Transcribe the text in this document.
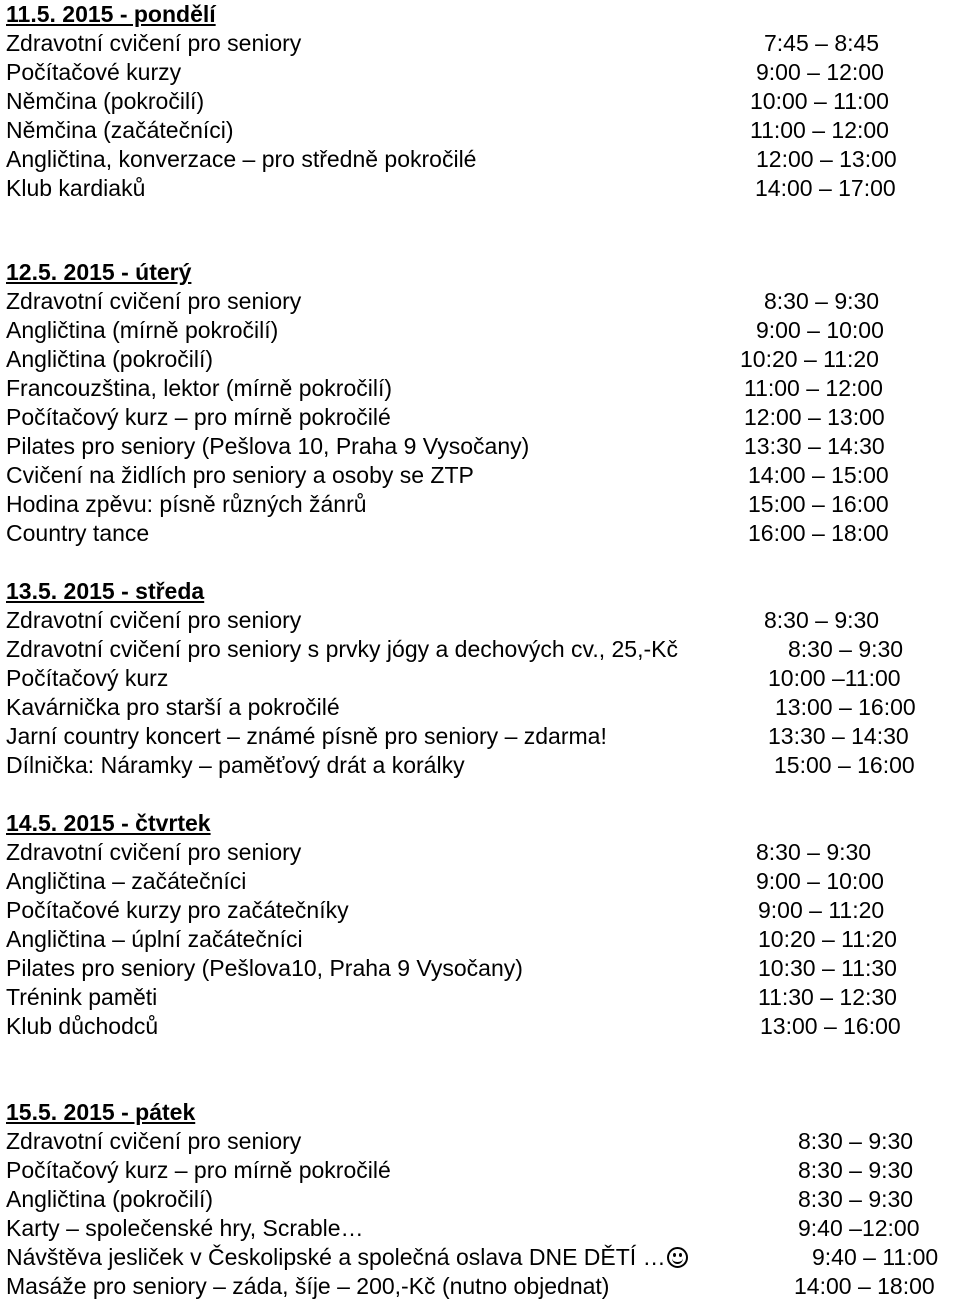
11.5. 2015 - pondělí
Zdravotní cvičení pro seniory	7:45 – 8:45
Počítačové kurzy	9:00 – 12:00
Němčina (pokročilí)	10:00 – 11:00
Němčina (začátečníci)	11:00 – 12:00
Angličtina, konverzace – pro středně pokročilé	12:00 – 13:00
Klub kardiaků	14:00 – 17:00
12.5. 2015 - úterý
Zdravotní cvičení pro seniory	8:30 – 9:30
Angličtina (mírně pokročilí)	9:00 – 10:00
Angličtina (pokročilí)	10:20 – 11:20
Francouzština, lektor (mírně pokročilí)	11:00 – 12:00
Počítačový kurz – pro mírně pokročilé	12:00 – 13:00
Pilates pro seniory (Pešlova 10, Praha 9 Vysočany)	13:30 – 14:30
Cvičení na židlích pro seniory a osoby se ZTP	14:00 – 15:00
Hodina zpěvu: písně různých žánrů	15:00 – 16:00
Country tance	16:00 – 18:00
13.5. 2015 - středa
Zdravotní cvičení pro seniory	8:30 – 9:30
Zdravotní cvičení pro seniory s prvky jógy a dechových cv., 25,-Kč	8:30 – 9:30
Počítačový kurz	10:00 –11:00
Kavárnička pro starší a pokročilé	13:00 – 16:00
Jarní country koncert – známé písně pro seniory – zdarma!	13:30 – 14:30
Dílnička: Náramky – paměťový drát a korálky	15:00 – 16:00
14.5. 2015 - čtvrtek
Zdravotní cvičení pro seniory	8:30 – 9:30
Angličtina – začátečníci	9:00 – 10:00
Počítačové kurzy pro začátečníky	9:00 – 11:20
Angličtina – úplní začátečníci	10:20 – 11:20
Pilates pro seniory (Pešlova10, Praha 9 Vysočany)	10:30 – 11:30
Trénink paměti	11:30 – 12:30
Klub důchodců	13:00 – 16:00
15.5. 2015 - pátek
Zdravotní cvičení pro seniory	8:30 – 9:30
Počítačový kurz – pro mírně pokročilé	8:30 – 9:30
Angličtina (pokročilí)	8:30 – 9:30
Karty – společenské hry, Scrable…	9:40 –12:00
Návštěva jesliček v Českolipské a společná oslava DNE DĚTÍ …	9:40 – 11:00
Masáže pro seniory – záda, šíje – 200,-Kč (nutno objednat)	14:00 – 18:00
